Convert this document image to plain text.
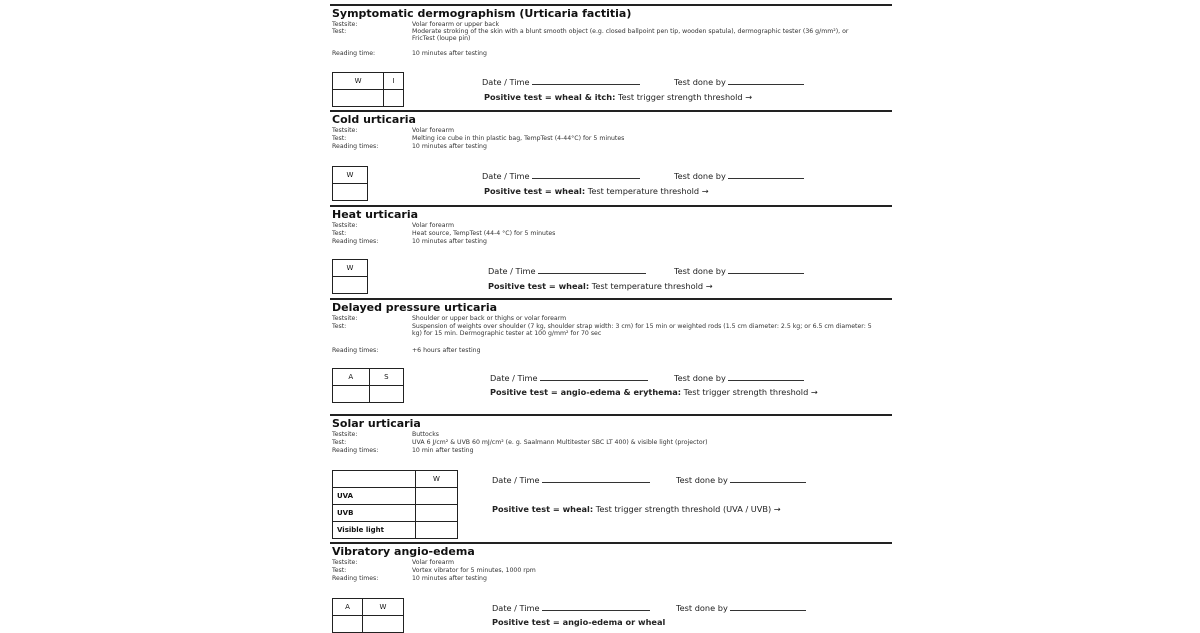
Symptomatic dermographism (Urticaria factitia)
Testsite:	Volar forearm or upper back
Test:	Moderate stroking of the skin with a blunt smooth object (e.g. closed ballpoint pen tip, wooden spatula), dermographic tester (36 g/mm²), or FricTest (loupe pin)
Reading time:	10 minutes after testing
W	I
		Date / Time	Test done by
Positive test = wheal & itch: Test trigger strength threshold →
Cold urticaria
Testsite:	Volar forearm
Test:	Melting ice cube in thin plastic bag, TempTest (4-44°C) for 5 minutes
Reading times:	10 minutes after testing
W	Date / Time	Test done by
Positive test = wheal: Test temperature threshold →
Heat urticaria
Testsite:	Volar forearm
Test:	Heat source, TempTest (44-4 °C) for 5 minutes
Reading times:	10 minutes after testing
W	Date / Time	Test done by
Positive test = wheal: Test temperature threshold →
Delayed pressure urticaria
Testsite:	Shoulder or upper back or thighs or volar forearm
Test:	Suspension of weights over shoulder (7 kg, shoulder strap width: 3 cm) for 15 min or weighted rods (1.5 cm diameter: 2.5 kg; or 6.5 cm diameter: 5 kg) for 15 min. Dermographic tester at 100 g/mm² for 70 sec
Reading times:	+6 hours after testing
A	S
		Date / Time	Test done by
Positive test = angio-edema & erythema: Test trigger strength threshold →
Solar urticaria
Testsite:	Buttocks
Test:	UVA 6 J/cm² & UVB 60 mJ/cm² (e. g. Saalmann Multitester SBC LT 400) & visible light (projector)
Reading times:	10 min after testing
	W
UVA	
UVB	
Visible light	
Date / Time	Test done by
Positive test = wheal: Test trigger strength threshold (UVA / UVB) →
Vibratory angio-edema
Testsite:	Volar forearm
Test:	Vortex vibrator for 5 minutes, 1000 rpm
Reading times:	10 minutes after testing
A	W
		Date / Time	Test done by
Positive test = angio-edema or wheal
